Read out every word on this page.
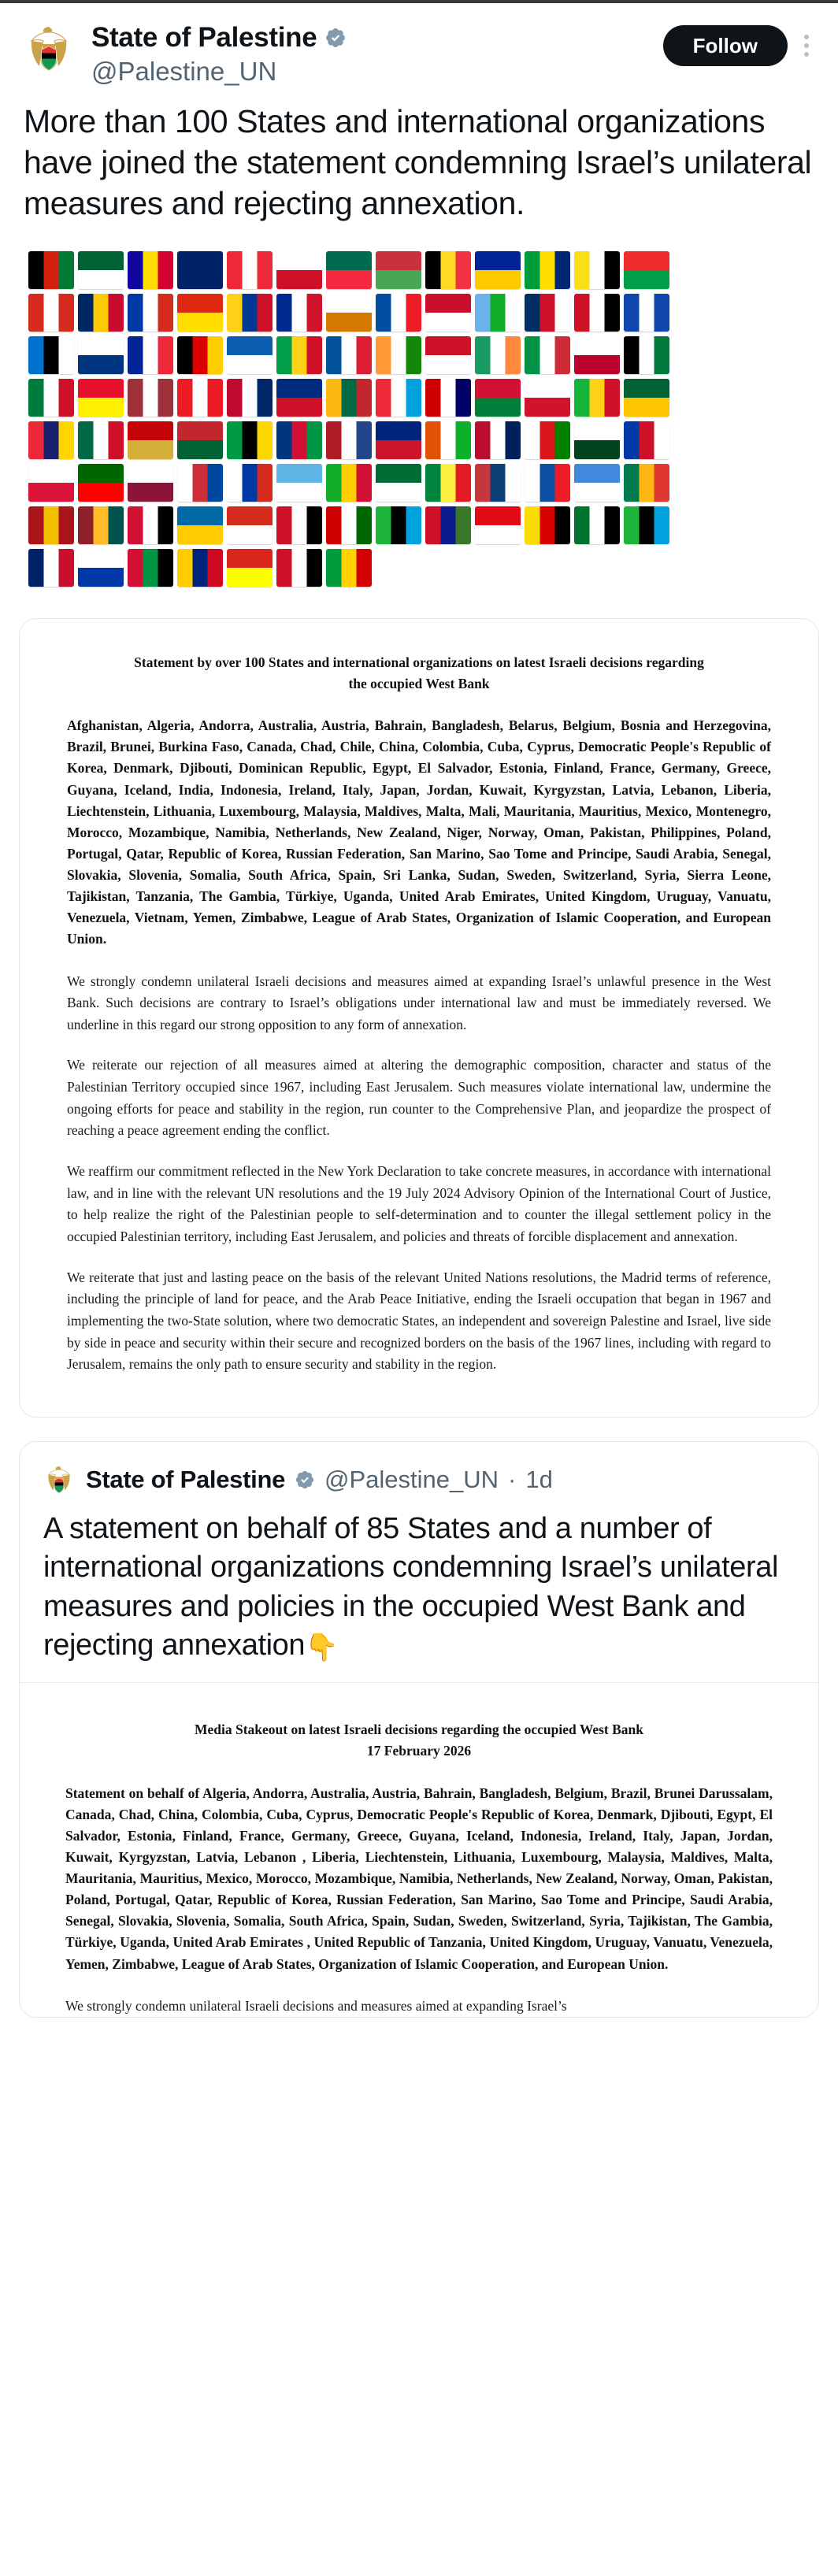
State of Palestine
@Palestine_UN
Follow
More than 100 States and international organizations have joined the statement condemning Israel’s unilateral measures and rejecting annexation.
Statement by over 100 States and international organizations on latest Israeli decisions regarding
the occupied West Bank
Afghanistan, Algeria, Andorra, Australia, Austria, Bahrain, Bangladesh, Belarus, Belgium, Bosnia and Herzegovina, Brazil, Brunei, Burkina Faso, Canada, Chad, Chile, China, Colombia, Cuba, Cyprus, Democratic People's Republic of Korea, Denmark, Djibouti, Dominican Republic, Egypt, El Salvador, Estonia, Finland, France, Germany, Greece, Guyana, Iceland, India, Indonesia, Ireland, Italy, Japan, Jordan, Kuwait, Kyrgyzstan, Latvia, Lebanon, Liberia, Liechtenstein, Lithuania, Luxembourg, Malaysia, Maldives, Malta, Mali, Mauritania, Mauritius, Mexico, Montenegro, Morocco, Mozambique, Namibia, Netherlands, New Zealand, Niger, Norway, Oman, Pakistan, Philippines, Poland, Portugal, Qatar, Republic of Korea, Russian Federation, San Marino, Sao Tome and Principe, Saudi Arabia, Senegal, Slovakia, Slovenia, Somalia, South Africa, Spain, Sri Lanka, Sudan, Sweden, Switzerland, Syria, Sierra Leone, Tajikistan, Tanzania, The Gambia, Türkiye, Uganda, United Arab Emirates, United Kingdom, Uruguay, Vanuatu, Venezuela, Vietnam, Yemen, Zimbabwe, League of Arab States, Organization of Islamic Cooperation, and European Union.
We strongly condemn unilateral Israeli decisions and measures aimed at expanding Israel’s unlawful presence in the West Bank. Such decisions are contrary to Israel’s obligations under international law and must be immediately reversed. We underline in this regard our strong opposition to any form of annexation.
We reiterate our rejection of all measures aimed at altering the demographic composition, character and status of the Palestinian Territory occupied since 1967, including East Jerusalem. Such measures violate international law, undermine the ongoing efforts for peace and stability in the region, run counter to the Comprehensive Plan, and jeopardize the prospect of reaching a peace agreement ending the conflict.
We reaffirm our commitment reflected in the New York Declaration to take concrete measures, in accordance with international law, and in line with the relevant UN resolutions and the 19 July 2024 Advisory Opinion of the International Court of Justice, to help realize the right of the Palestinian people to self-determination and to counter the illegal settlement policy in the occupied Palestinian territory, including East Jerusalem, and policies and threats of forcible displacement and annexation.
We reiterate that just and lasting peace on the basis of the relevant United Nations resolutions, the Madrid terms of reference, including the principle of land for peace, and the Arab Peace Initiative, ending the Israeli occupation that began in 1967 and implementing the two-State solution, where two democratic States, an independent and sovereign Palestine and Israel, live side by side in peace and security within their secure and recognized borders on the basis of the 1967 lines, including with regard to Jerusalem, remains the only path to ensure security and stability in the region.
State of Palestine @Palestine_UN · 1d
A statement on behalf of 85 States and a number of international organizations condemning Israel’s unilateral measures and policies in the occupied West Bank and rejecting annexation👇
Media Stakeout on latest Israeli decisions regarding the occupied West Bank
17 February 2026
Statement on behalf of Algeria, Andorra, Australia, Austria, Bahrain, Bangladesh, Belgium, Brazil, Brunei Darussalam, Canada, Chad, China, Colombia, Cuba, Cyprus, Democratic People's Republic of Korea, Denmark, Djibouti, Egypt, El Salvador, Estonia, Finland, France, Germany, Greece, Guyana, Iceland, Indonesia, Ireland, Italy, Japan, Jordan, Kuwait, Kyrgyzstan, Latvia, Lebanon , Liberia, Liechtenstein, Lithuania, Luxembourg, Malaysia, Maldives, Malta, Mauritania, Mauritius, Mexico, Morocco, Mozambique, Namibia, Netherlands, New Zealand, Norway, Oman, Pakistan, Poland, Portugal, Qatar, Republic of Korea, Russian Federation, San Marino, Sao Tome and Principe, Saudi Arabia, Senegal, Slovakia, Slovenia, Somalia, South Africa, Spain, Sudan, Sweden, Switzerland, Syria, Tajikistan, The Gambia, Türkiye, Uganda, United Arab Emirates , United Republic of Tanzania, United Kingdom, Uruguay, Vanuatu, Venezuela, Yemen, Zimbabwe, League of Arab States, Organization of Islamic Cooperation, and European Union.
We strongly condemn unilateral Israeli decisions and measures aimed at expanding Israel’s
